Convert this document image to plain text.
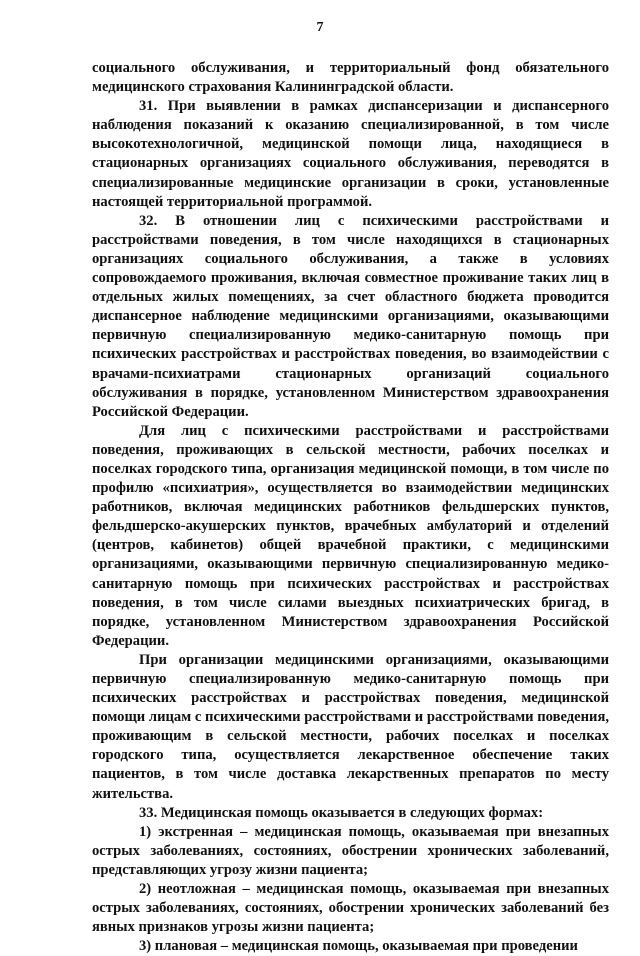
7

социального обслуживания, и территориальный фонд обязательного медицинского страхования Калининградской области.

31. При выявлении в рамках диспансеризации и диспансерного наблюдения показаний к оказанию специализированной, в том числе высокотехнологичной, медицинской помощи лица, находящиеся в стационарных организациях социального обслуживания, переводятся в специализированные медицинские организации в сроки, установленные настоящей территориальной программой.

32. В отношении лиц с психическими расстройствами и расстройствами поведения, в том числе находящихся в стационарных организациях социального обслуживания, а также в условиях сопровождаемого проживания, включая совместное проживание таких лиц в отдельных жилых помещениях, за счет областного бюджета проводится диспансерное наблюдение медицинскими организациями, оказывающими первичную специализированную медико-санитарную помощь при психических расстройствах и расстройствах поведения, во взаимодействии с врачами-психиатрами стационарных организаций социального обслуживания в порядке, установленном Министерством здравоохранения Российской Федерации.

Для лиц с психическими расстройствами и расстройствами поведения, проживающих в сельской местности, рабочих поселках и поселках городского типа, организация медицинской помощи, в том числе по профилю «психиатрия», осуществляется во взаимодействии медицинских работников, включая медицинских работников фельдшерских пунктов, фельдшерско-акушерских пунктов, врачебных амбулаторий и отделений (центров, кабинетов) общей врачебной практики, с медицинскими организациями, оказывающими первичную специализированную медико-санитарную помощь при психических расстройствах и расстройствах поведения, в том числе силами выездных психиатрических бригад, в порядке, установленном Министерством здравоохранения Российской Федерации.

При организации медицинскими организациями, оказывающими первичную специализированную медико-санитарную помощь при психических расстройствах и расстройствах поведения, медицинской помощи лицам с психическими расстройствами и расстройствами поведения, проживающим в сельской местности, рабочих поселках и поселках городского типа, осуществляется лекарственное обеспечение таких пациентов, в том числе доставка лекарственных препаратов по месту жительства.

33. Медицинская помощь оказывается в следующих формах:

1) экстренная – медицинская помощь, оказываемая при внезапных острых заболеваниях, состояниях, обострении хронических заболеваний, представляющих угрозу жизни пациента;

2) неотложная – медицинская помощь, оказываемая при внезапных острых заболеваниях, состояниях, обострении хронических заболеваний без явных признаков угрозы жизни пациента;

3) плановая – медицинская помощь, оказываемая при проведении
